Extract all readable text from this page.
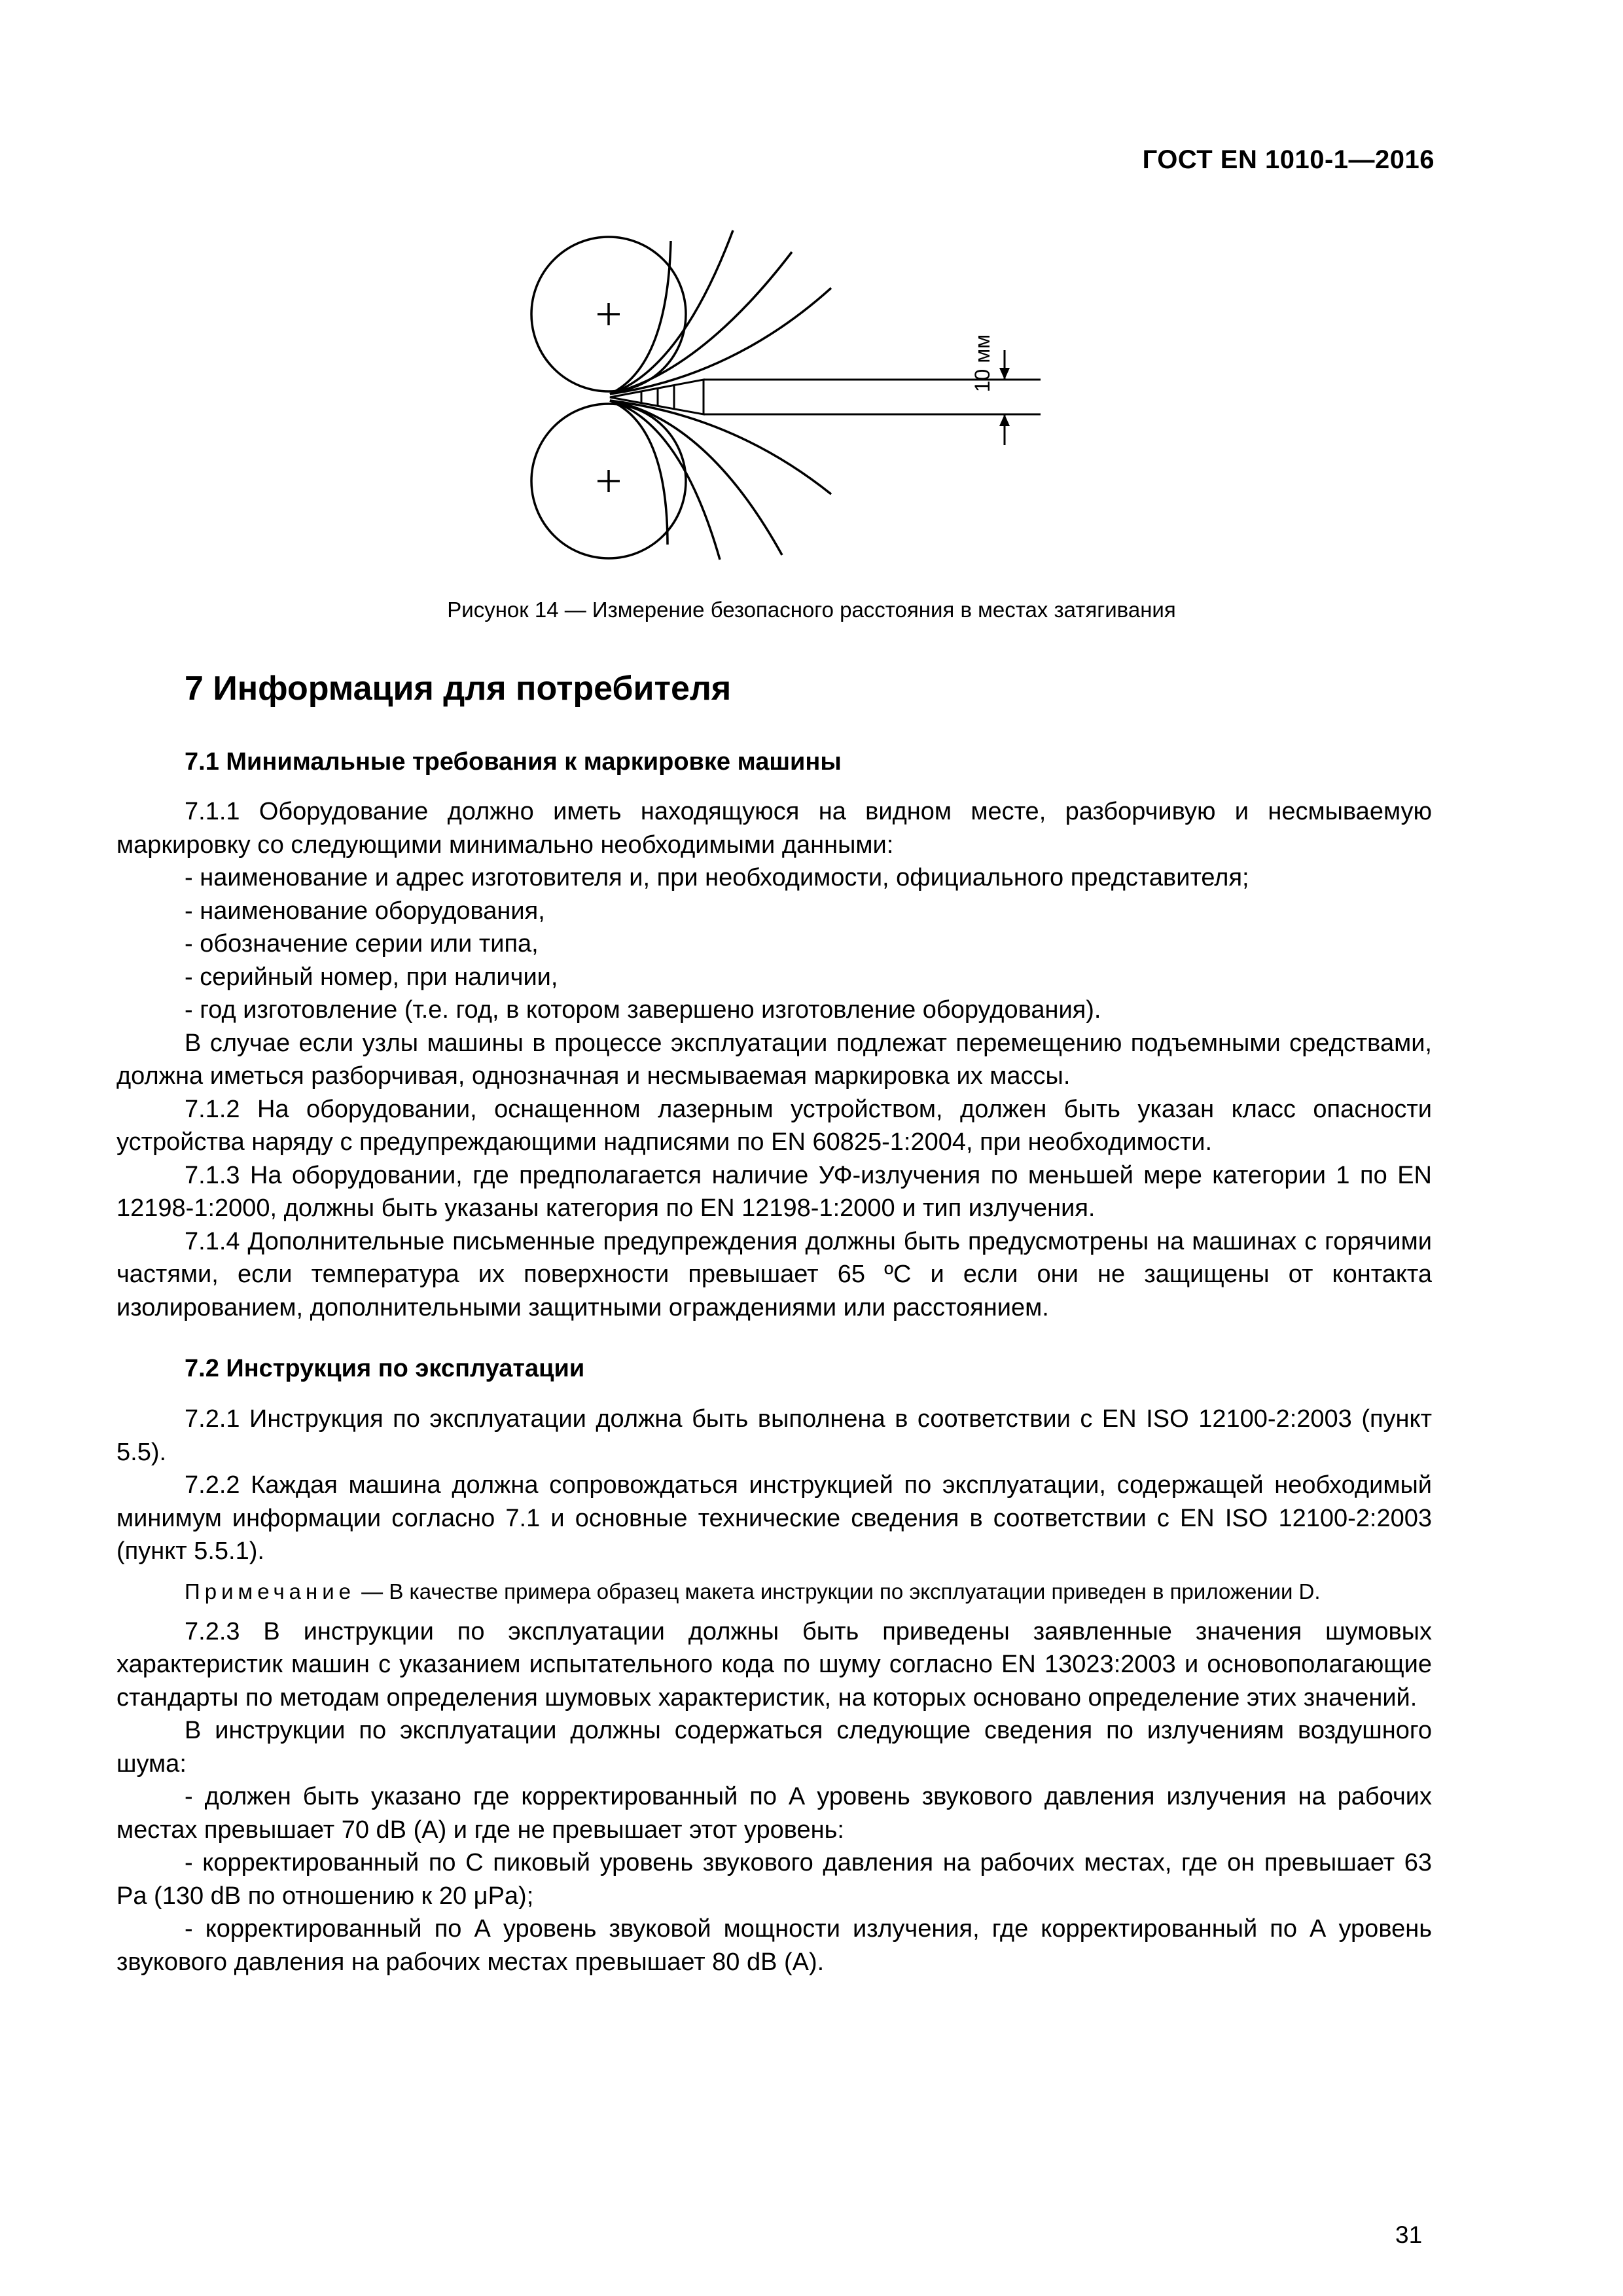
ГОСТ EN 1010-1—2016
10 мм
Рисунок 14 — Измерение безопасного расстояния в местах затягивания
7 Информация для потребителя
7.1 Минимальные требования к маркировке машины

7.1.1 Оборудование должно иметь находящуюся на видном месте, разборчивую и несмываемую маркировку со следующими минимально необходимыми данными:

- наименование и адрес изготовителя и, при необходимости, официального представителя;

- наименование оборудования,

- обозначение серии или типа,

- серийный номер, при наличии,

- год изготовление (т.е. год, в котором завершено изготовление оборудования).

В случае если узлы машины в процессе эксплуатации подлежат перемещению подъемными средствами, должна иметься разборчивая, однозначная и несмываемая маркировка их массы.

7.1.2 На оборудовании, оснащенном лазерным устройством, должен быть указан класс опасности устройства наряду с предупреждающими надписями по EN 60825-1:2004, при необходимости.

7.1.3 На оборудовании, где предполагается наличие УФ-излучения по меньшей мере категории 1 по EN 12198-1:2000, должны быть указаны категория по EN 12198-1:2000 и тип излучения.

7.1.4 Дополнительные письменные предупреждения должны быть предусмотрены на машинах с горячими частями, если температура их поверхности превышает 65 ºС и если они не защищены от контакта изолированием, дополнительными защитными ограждениями или расстоянием.

7.2 Инструкция по эксплуатации

7.2.1 Инструкция по эксплуатации должна быть выполнена в соответствии с EN ISO 12100-2:2003 (пункт 5.5).

7.2.2 Каждая машина должна сопровождаться инструкцией по эксплуатации, содержащей необходимый минимум информации согласно 7.1 и основные технические сведения в соответствии с EN ISO 12100-2:2003 (пункт 5.5.1).

Примечание — В качестве примера образец макета инструкции по эксплуатации приведен в приложении D.

7.2.3 В инструкции по эксплуатации должны быть приведены заявленные значения шумовых характеристик машин с указанием испытательного кода по шуму согласно EN 13023:2003 и основополагающие стандарты по методам определения шумовых характеристик, на которых основано определение этих значений.

В инструкции по эксплуатации должны содержаться следующие сведения по излучениям воздушного шума:

- должен быть указано где корректированный по А уровень звукового давления излучения на рабочих местах превышает 70 dB (A) и где не превышает этот уровень:

- корректированный по С пиковый уровень звукового давления на рабочих местах, где он превышает 63 Pa (130 dB по отношению к 20 μPa);

- корректированный по А уровень звуковой мощности излучения, где корректированный по А уровень звукового давления на рабочих местах превышает 80 dB (A).

31
